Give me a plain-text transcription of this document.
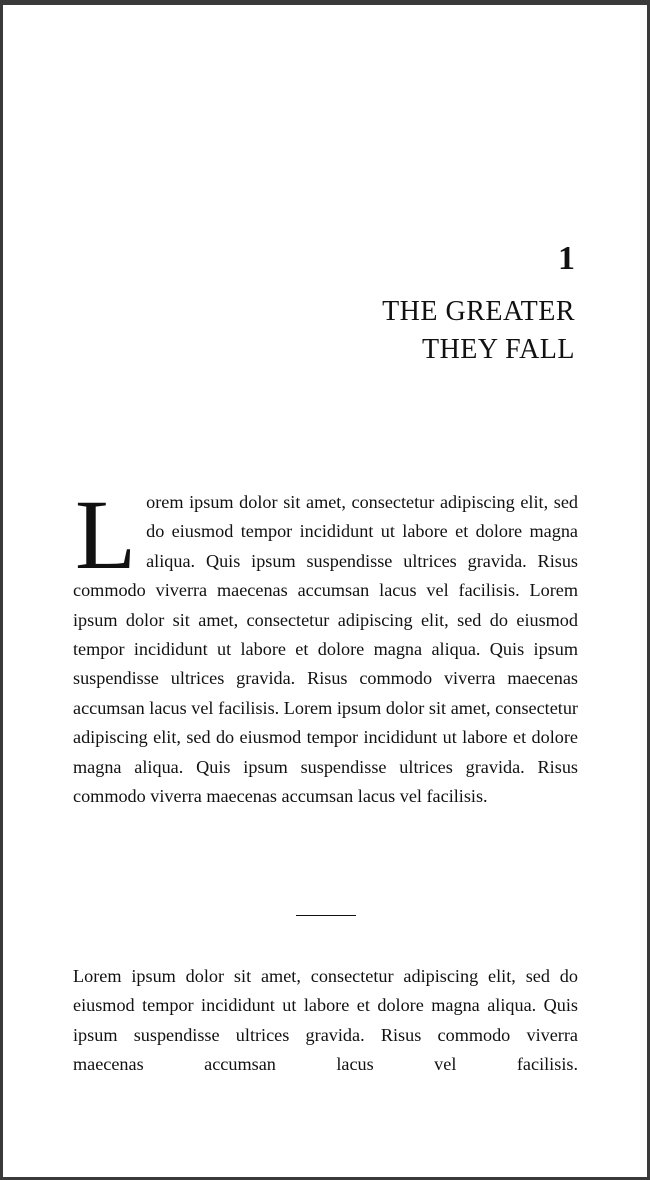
1
THE GREATER
THEY FALL

Lorem ipsum dolor sit amet, consectetur adipiscing elit, sed do eiusmod tempor incididunt ut labore et dolore magna aliqua. Quis ipsum suspendisse ultrices gravida. Risus commodo viverra maecenas accumsan lacus vel facilisis. Lorem ipsum dolor sit amet, consectetur adipiscing elit, sed do eiusmod tempor incididunt ut labore et dolore magna aliqua. Quis ipsum suspendisse ultrices gravida. Risus commodo viverra maecenas accumsan lacus vel facilisis. Lorem ipsum dolor sit amet, consectetur adipiscing elit, sed do eiusmod tempor incididunt ut labore et dolore magna aliqua. Quis ipsum suspendisse ultrices gravida. Risus commodo viverra maecenas accumsan lacus vel facilisis.

Lorem ipsum dolor sit amet, consectetur adipiscing elit, sed do eiusmod tempor incididunt ut labore et dolore magna aliqua. Quis ipsum suspendisse ultrices gravida. Risus commodo viverra maecenas accumsan lacus vel facilisis.
